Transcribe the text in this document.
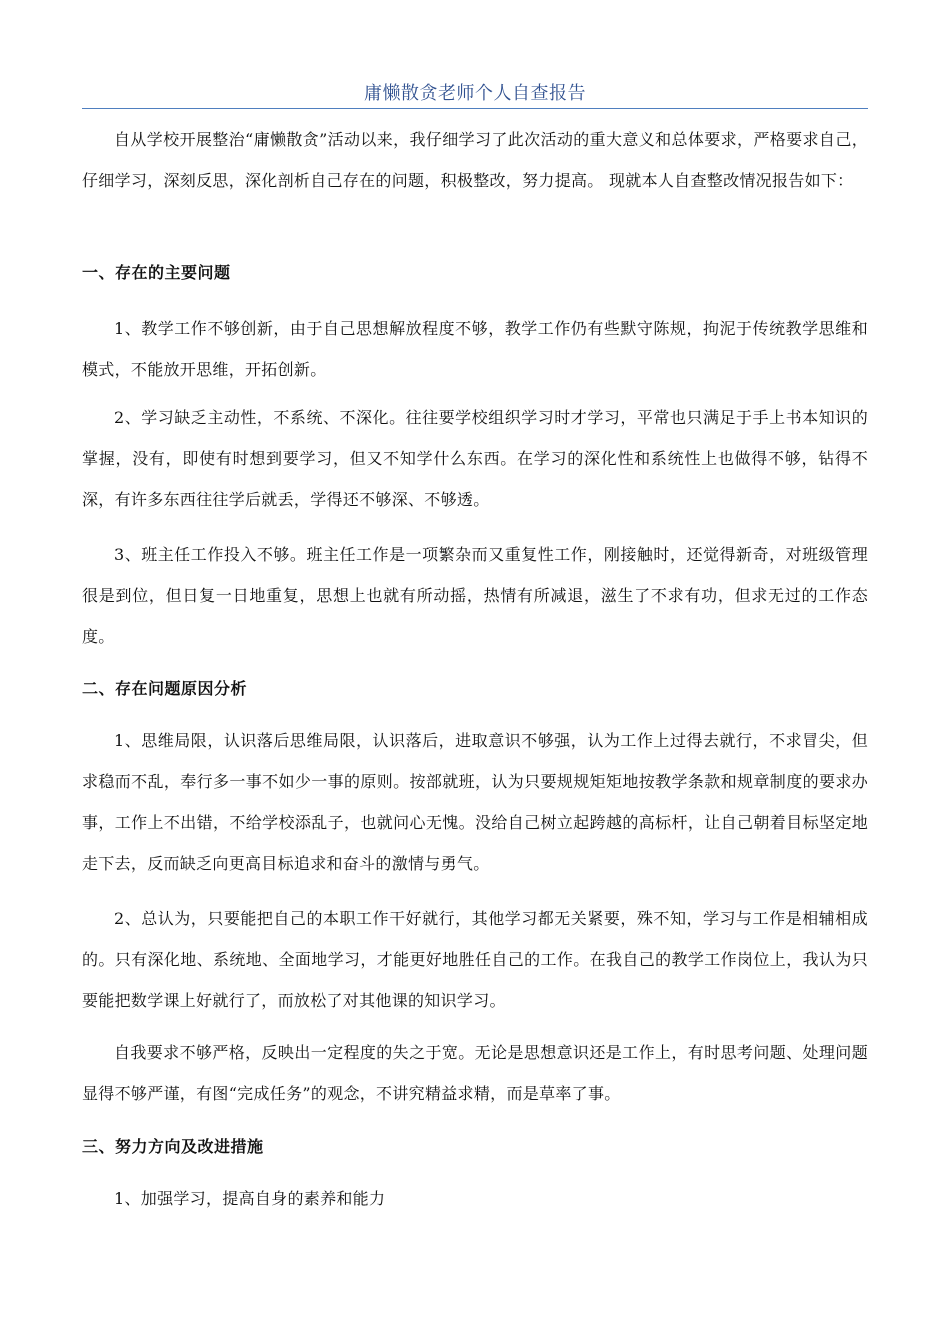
庸懒散贪老师个人自查报告

自从学校开展整治“庸懒散贪”活动以来，我仔细学习了此次活动的重大意义和总体要求，严格要求自己，仔细学习，深刻反思，深化剖析自己存在的问题，积极整改，努力提高。 现就本人自查整改情况报告如下：

一、存在的主要问题

1、教学工作不够创新，由于自己思想解放程度不够，教学工作仍有些默守陈规，拘泥于传统教学思维和模式，不能放开思维，开拓创新。

2、学习缺乏主动性，不系统、不深化。往往要学校组织学习时才学习，平常也只满足于手上书本知识的掌握，没有，即使有时想到要学习，但又不知学什么东西。在学习的深化性和系统性上也做得不够，钻得不深，有许多东西往往学后就丢，学得还不够深、不够透。

3、班主任工作投入不够。班主任工作是一项繁杂而又重复性工作，刚接触时，还觉得新奇，对班级管理很是到位，但日复一日地重复，思想上也就有所动摇，热情有所减退，滋生了不求有功，但求无过的工作态度。

二、存在问题原因分析

1、思维局限，认识落后思维局限，认识落后，进取意识不够强，认为工作上过得去就行，不求冒尖，但求稳而不乱，奉行多一事不如少一事的原则。按部就班，认为只要规规矩矩地按教学条款和规章制度的要求办事，工作上不出错，不给学校添乱子，也就问心无愧。没给自己树立起跨越的高标杆，让自己朝着目标坚定地走下去，反而缺乏向更高目标追求和奋斗的激情与勇气。

2、总认为，只要能把自己的本职工作干好就行，其他学习都无关紧要，殊不知，学习与工作是相辅相成的。只有深化地、系统地、全面地学习，才能更好地胜任自己的工作。在我自己的教学工作岗位上，我认为只要能把数学课上好就行了，而放松了对其他课的知识学习。

自我要求不够严格，反映出一定程度的失之于宽。无论是思想意识还是工作上，有时思考问题、处理问题显得不够严谨，有图“完成任务”的观念，不讲究精益求精，而是草率了事。

三、努力方向及改进措施

1、加强学习，提高自身的素养和能力
